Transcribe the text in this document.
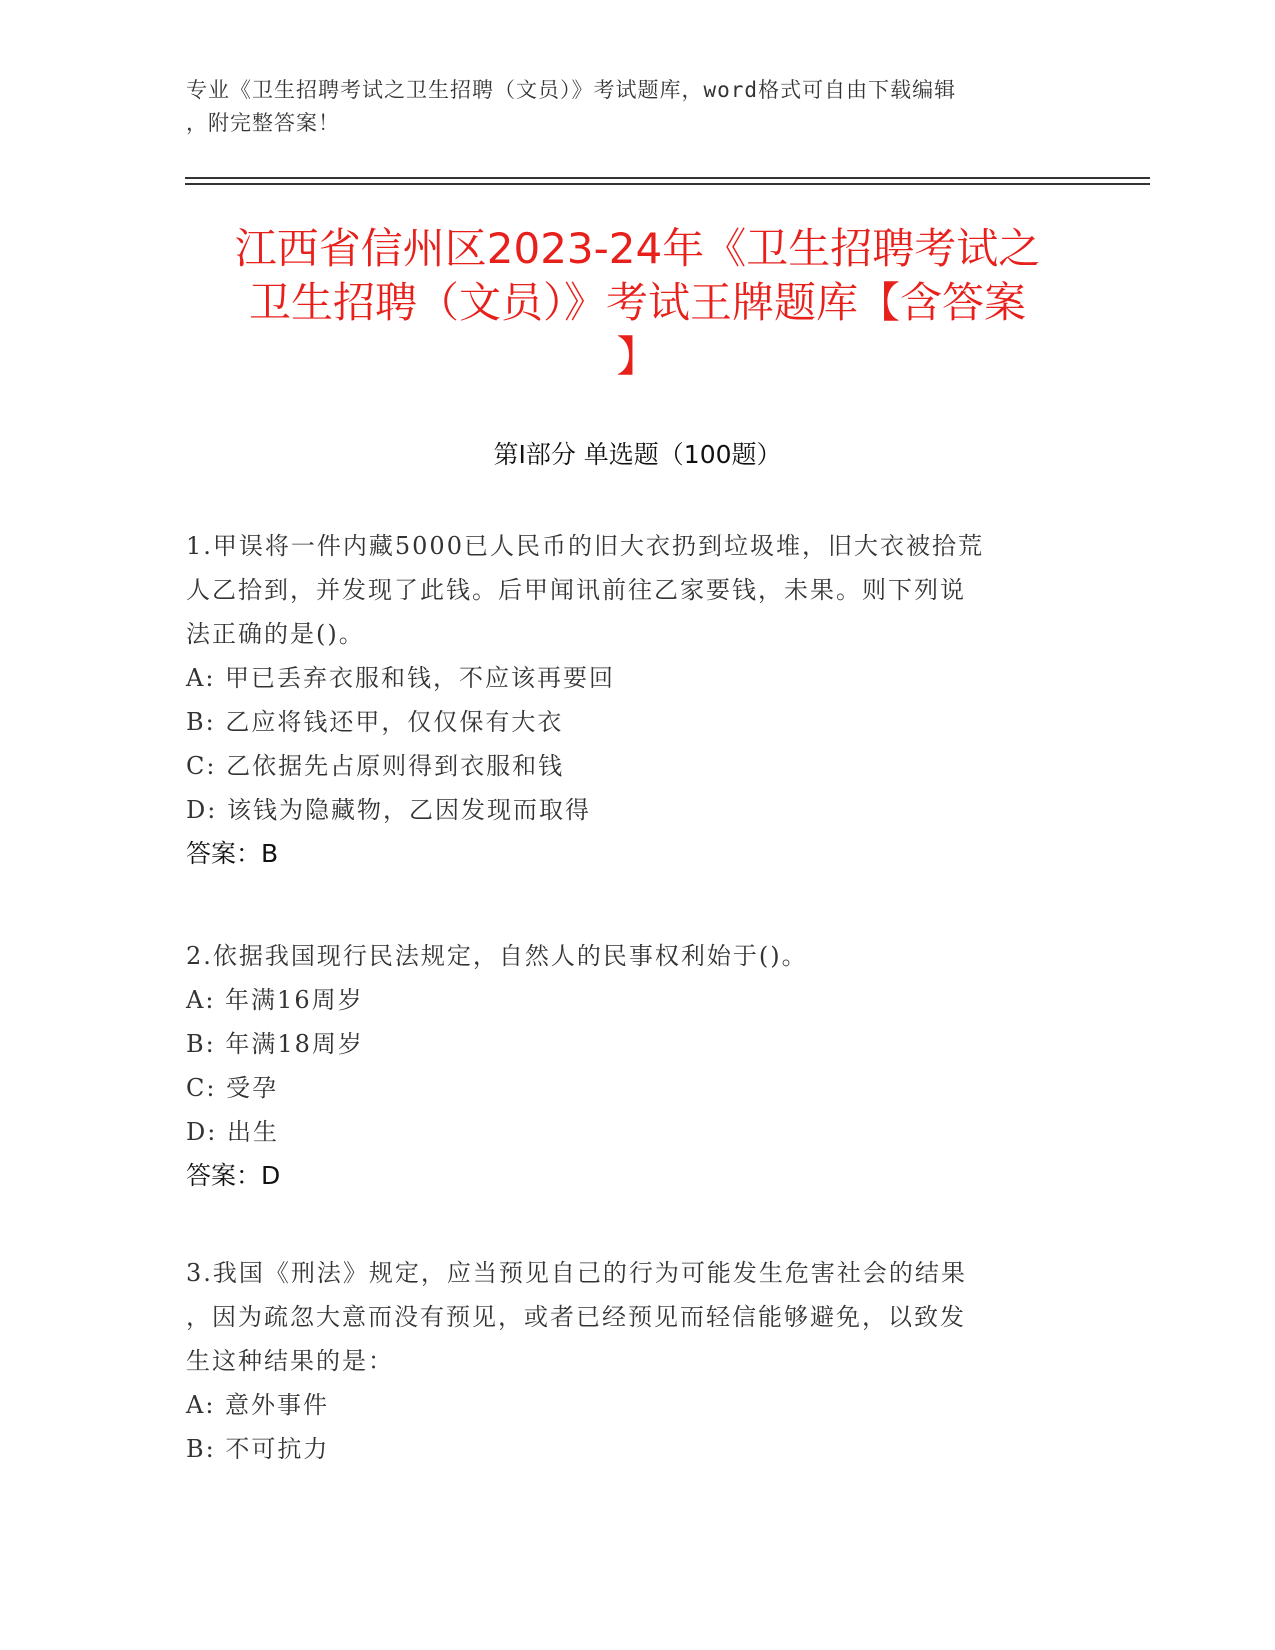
专业《卫生招聘考试之卫生招聘（文员）》考试题库，word格式可自由下载编辑
，附完整答案！
江西省信州区2023-24年《卫生招聘考试之
卫生招聘（文员）》考试王牌题库【含答案
】
第I部分 单选题（100题）
1.甲误将一件内藏5000已人民币的旧大衣扔到垃圾堆，旧大衣被拾荒
人乙拾到，并发现了此钱。后甲闻讯前往乙家要钱，未果。则下列说
法正确的是()。
A: 甲已丢弃衣服和钱，不应该再要回
B: 乙应将钱还甲，仅仅保有大衣
C: 乙依据先占原则得到衣服和钱
D: 该钱为隐藏物，乙因发现而取得
答案：B
2.依据我国现行民法规定，自然人的民事权利始于()。
A: 年满16周岁
B: 年满18周岁
C: 受孕
D: 出生
答案：D
3.我国《刑法》规定，应当预见自己的行为可能发生危害社会的结果
，因为疏忽大意而没有预见，或者已经预见而轻信能够避免，以致发
生这种结果的是：
A: 意外事件
B: 不可抗力
